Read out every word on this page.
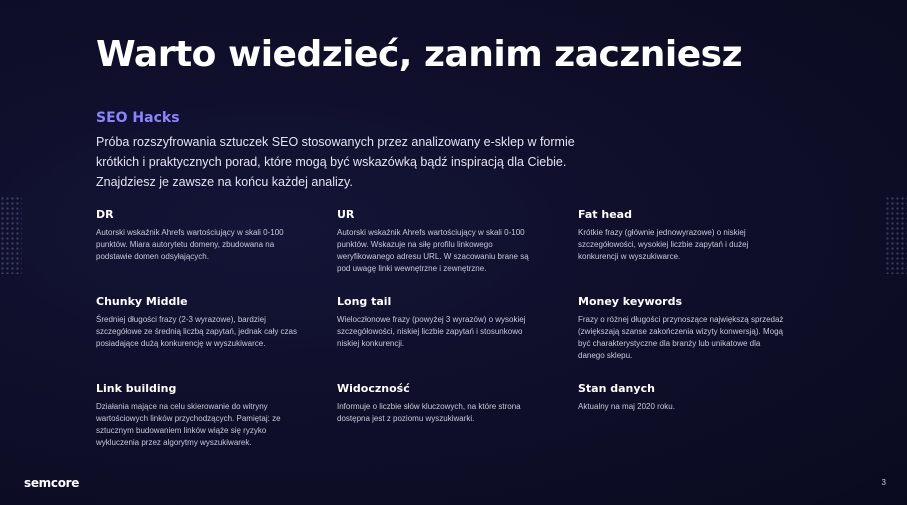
Warto wiedzieć, zanim zaczniesz
SEO Hacks

Próba rozszyfrowania sztuczek SEO stosowanych przez analizowany e-sklep w formie krótkich i praktycznych porad, które mogą być wskazówką bądź inspiracją dla Ciebie. Znajdziesz je zawsze na końcu każdej analizy.

DR

Autorski wskaźnik Ahrefs wartościujący w skali 0-100 punktów. Miara autorytetu domeny, zbudowana na podstawie domen odsyłających.

UR

Autorski wskaźnik Ahrefs wartościujący w skali 0-100 punktów. Wskazuje na siłę profilu linkowego weryfikowanego adresu URL. W szacowaniu brane są pod uwagę linki wewnętrzne i zewnętrzne.

Fat head

Krótkie frazy (głównie jednowyrazowe) o niskiej szczegółowości, wysokiej liczbie zapytań i dużej konkurencji w wyszukiwarce.

Chunky Middle

Średniej długości frazy (2-3 wyrazowe), bardziej szczegółowe ze średnią liczbą zapytań, jednak cały czas posiadające dużą konkurencję w wyszukiwarce.

Long tail

Wieloczłonowe frazy (powyżej 3 wyrazów) o wysokiej szczegółowości, niskiej liczbie zapytań i stosunkowo niskiej konkurencji.

Money keywords

Frazy o różnej długości przynoszące największą sprzedaż (zwiększają szanse zakończenia wizyty konwersją). Mogą być charakterystyczne dla branży lub unikatowe dla danego sklepu.

Link building

Działania mające na celu skierowanie do witryny wartościowych linków przychodzących. Pamiętaj: ze sztucznym budowaniem linków wiąże się ryzyko wykluczenia przez algorytmy wyszukiwarek.

Widoczność

Informuje o liczbie słów kluczowych, na które strona dostępna jest z poziomu wyszukiwarki.

Stan danych

Aktualny na maj 2020 roku.

semcore	3
